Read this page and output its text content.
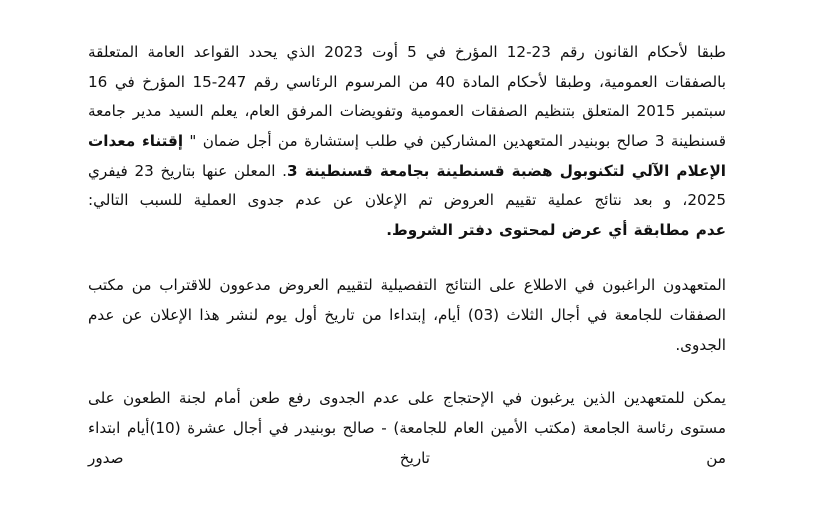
طبقا لأحكام القانون رقم 23-12 المؤرخ في 5 أوت 2023 الذي يحدد القواعد العامة المتعلقة بالصفقات العمومية، وطبقا لأحكام المادة 40 من المرسوم الرئاسي رقم 247-15 المؤرخ في 16 سبتمبر 2015 المتعلق بتنظيم الصفقات العمومية وتفويضات المرفق العام، يعلم السيد مدير جامعة قسنطينة 3 صالح بوبنيدر المتعهدين المشاركين في طلب إستشارة من أجل ضمان " إقتناء معدات الإعلام الآلي لتكنوبول هضبة قسنطينة بجامعة قسنطينة 3. المعلن عنها بتاريخ 23 فيفري 2025، و بعد نتائج عملية تقييم العروض تم الإعلان عن عدم جدوى العملية للسبب التالي:
عدم مطابقة أي عرض لمحتوى دفتر الشروط.

المتعهدون الراغبون في الاطلاع على النتائج التفصيلية لتقييم العروض مدعوون للاقتراب من مكتب الصفقات للجامعة في أجال الثلاث (03) أيام، إبتداءا من تاريخ أول يوم لنشر هذا الإعلان عن عدم الجدوى.

يمكن للمتعهدين الذين يرغبون في الإحتجاج على عدم الجدوى رفع طعن أمام لجنة الطعون على مستوى رئاسة الجامعة (مكتب الأمين العام للجامعة) - صالح بوبنيدر في أجال عشرة (10)أيام ابتداء من تاريخ صدور
